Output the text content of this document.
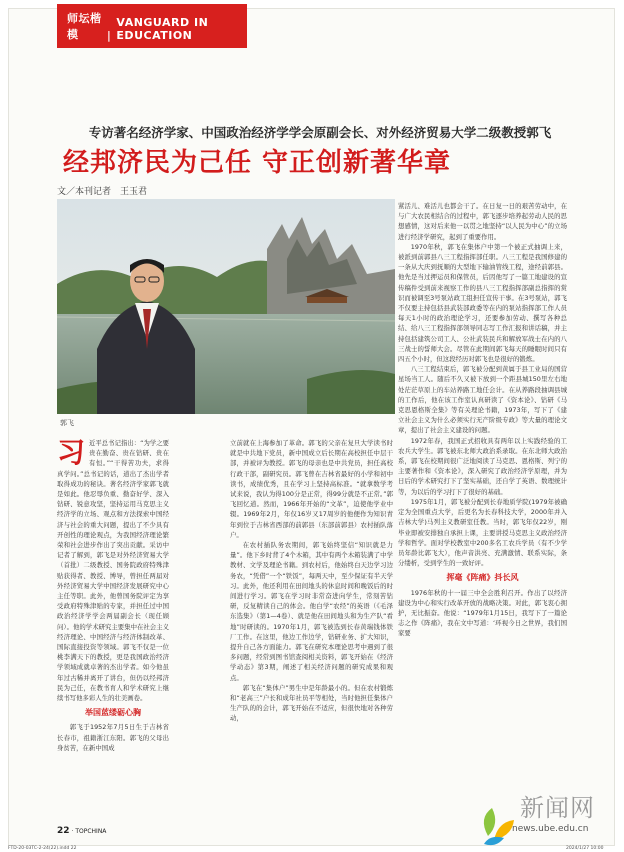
师坛楷模	|
VANGUARD IN EDUCATION
专访著名经济学家、中国政治经济学学会原副会长、对外经济贸易大学二级教授郭飞
经邦济民为己任 守正创新著华章
文／本刊记者　王玉君
郭飞
习 近平总书记指出：“为学之要贵在勤奋、贵在钻研、贵在有恒。”“干得苦功夫，求得真学问。”总书记的话，道出了杰出学者取得成功的秘诀。著名经济学家郭飞就是如此。他忍辱负重、勤奋好学、深入钻研、锐意攻坚，坚持运用马克思主义经济学的立场、观点和方法探索中国经济与社会的重大问题，提出了不少具有开创性的理论观点，为我国经济理论繁荣和社会进步作出了突出贡献。采访中记者了解到，郭飞是对外经济贸易大学（首批）二级教授、国务院政府特殊津贴获得者、教授、博导，曾担任两届对外经济贸易大学中国经济发展研究中心主任等职。此外，他曾国务院评定为享受政府特殊津贴的专家，并担任过中国政治经济学学会两届副会长（现任顾问）。他的学术研究主要集中在社会主义经济理论、中国经济与经济体制改革、国际直接投资等领域。郭飞不仅是一位桃李满天下的教授，更是我国政治经济学领域成就卓著的杰出学者。如今他虽年过古稀并离开了讲台，但仍以经邦济民为己任，在教书育人和学术研究上继续书写他多彩人生的壮美画卷。
举国蓝缕砺心胸

郭飞于1952年7月5日生于吉林省长春市，祖籍浙江东阳。郭飞的父母出身贫苦，在新中国成

立前就在上海参加了革命。郭飞的父亲在复旦大学读书时就是中共地下党员，新中国成立后长期在高校担任中层干部，并被评为教授。郭飞的母亲也是中共党员，担任高校行政干部，副研究员。郭飞曾在吉林省最好的小学和初中读书，成绩优秀，且在学习上坚持高标准。“就拿数学考试来说，我认为得100分是正常，得99分就是不正常。”郭飞回忆道。然而，1966年开始的“文革”，迫使他学业中辍。1969年2月，年仅16岁又17周岁的他便作为知识青年到位于吉林省西部的前郭县（东部前郭县）农村插队落户。

在农村插队务农期间，郭飞始终坚信“知识就是力量”。他下乡时背了4个木箱，其中有两个木箱装满了中学教材、文学及理论书籍。到农村后，他始终白天边学习边务农，“凭借”一个“铁饭”，每两天中，至少保证有半天学习。此外，他还利用在田间地头的休息时间和晚饭后的时间进行学习。郭飞在学习时非常奋进向学生，常刻苦钻研，反复精读自己的体会。他白学“农经”的英语（《毛泽东选集》（第1—4卷）、就是他在田间地头和为生产队“看地”时研读的。1970年1月，郭飞被选到长春黄瑞钱体铁厂工作。在这里，他边工作边学，钻研业务、扩大知识，提升自己各方面能力。郭飞在研究本理论思考中遇到了很多问题，经常到图书馆查阅相关资料，郭飞开始在《经济学动态》第3期，阐述了相关经济问题的研究成果和观点。

郭飞在“集体户”男生中是年龄最小的。但在农村锻炼和“老高三”户长和成年社员平等相处，当时他担任集体户生产队的的会计，郭飞开始在不适应，但很快地对各种劳动，

紧活儿、难活儿也都会干了。在日复一日的艰苦劳动中，在与广大农民相结合的过程中，郭飞逐步培养起劳动人民的思想感情，这对后来他一以贯之地坚持“以人民为中心”的立场进行经济学研究，起到了重要作用。

1970年秋，郭飞在集体户中第一个被正式抽调上来，被派到前郭县八三工程指挥部任职。八三工程是我国修建的一条从大庆到抚顺的大型地下输油管线工程，途经前郭县。他先是当过押运员和保管员，后因他写了一篇工地建设的宣传稿件受到前来视察工作的县八三工程指挥部副总指挥的赏识而被调至3号泵站政工组担任宣传干事。在3号泵站，郭飞不仅要主持包括县武装部政委等在内的泵站指挥部工作人员每天1小时的政治理论学习，还要参加劳动、撰写各种总结、给八三工程指挥部领导同志写工作汇报和讲话稿，并主持包括建筑公司工人、公社武装民兵和解放军战士在内的八三战士的誓师大会。尽管在此期间郭飞每天的睡眠时间只有四五个小时，但这段经历对郭飞也是很好的锻炼。

八三工程结束后，郭飞被分配到黄属于县工业局的国营星场当工人。随后不久又被下放到一个距县城150里左右地处茫茫草原上的车站养路工地任会计。在从养路段抽调县城的工作后，他在该工作室认真研读了《资本论》、钻研《马克思恩格斯全集》等有关理论书籍，1973年，写下了《建立社会主义为什么必须实行无产阶级专政》等大量的理论文章，提出了社会主义建设的问题。

1972年春，我国正式招收具有两年以上实践经验的工农兵大学生。郭飞被东北师大政治系录取。在东北师大政治系，郭飞在校期间很广泛地阅读了马克思、恩格斯、列宁的主要著作和《资本论》，深入研究了政治经济学原理，并为日后的学术研究打下了坚实基础，还自学了英语、数理统计等，为以后的学习打下了很好的基础。

1975年1月，郭飞被分配到长春地质学院(1979年被确定为全国重点大学，后更名为长春科技大学，2000年并入吉林大学)马列主义教研室任教。当时，郭飞年仅22岁，刚毕业即被安排独自承担上课，主要讲授马克思主义政治经济学和哲学。面对学校教室中200多名工农兵学员（有不少学员年龄比郭飞大），他声音洪亮、充满激情、联系实际，条分缕析，受到学生的一致好评。

挥毫《阵痛》抖长风

1976年秋的十一届三中全会胜利召开。作出了以经济建设为中心和实行改革开放的战略决策。对此，郭飞衷心拥护，无比振奋。他说：“1979年1月15日，我写下了一篇论志之作《阵痛》，我在文中写道：‘环视今日之世界，我们国家要

22 · TOPCHINA
FTD-20-03TC-2-24(22).indd 22	2024/1/27 10:00
新闻网
news.ube.edu.cn
